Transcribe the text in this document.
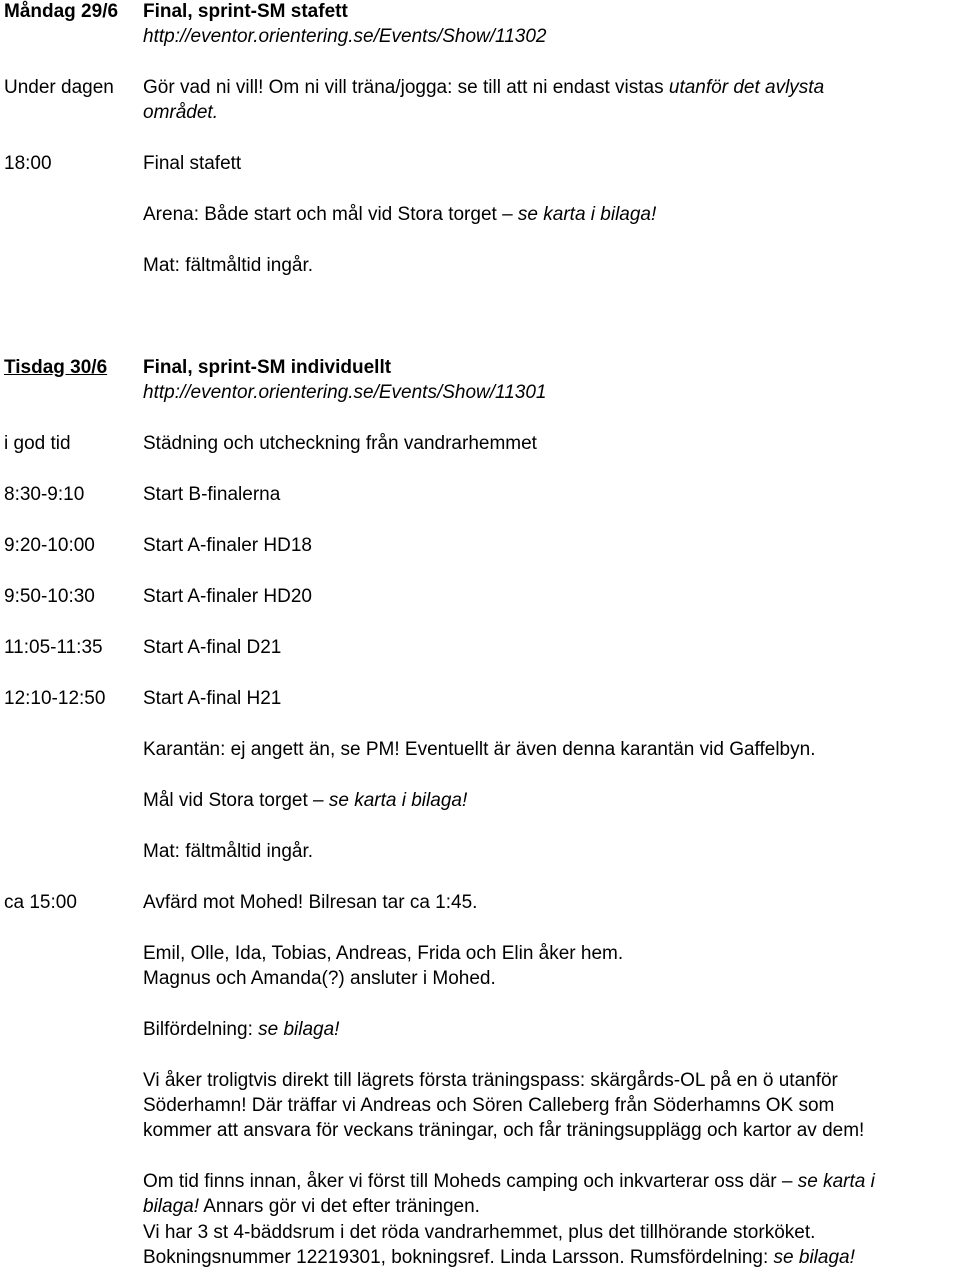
Måndag 29/6 Final, sprint-SM stafett
http://eventor.orientering.se/Events/Show/11302
Under dagen Gör vad ni vill! Om ni vill träna/jogga: se till att ni endast vistas utanför det avlysta
området.
18:00	Final stafett
Arena: Både start och mål vid Stora torget – se karta i bilaga!
Mat: fältmåltid ingår.
Tisdag 30/6 Final, sprint-SM individuellt
http://eventor.orientering.se/Events/Show/11301
i god tid	Städning och utcheckning från vandrarhemmet
8:30-9:10	Start B-finalerna
9:20-10:00	Start A-finaler HD18
9:50-10:30	Start A-finaler HD20
11:05-11:35 Start A-final D21
12:10-12:50 Start A-final H21
Karantän: ej angett än, se PM! Eventuellt är även denna karantän vid Gaffelbyn.
Mål vid Stora torget – se karta i bilaga!
Mat: fältmåltid ingår.
ca 15:00	Avfärd mot Mohed! Bilresan tar ca 1:45.
Emil, Olle, Ida, Tobias, Andreas, Frida och Elin åker hem.
Magnus och Amanda(?) ansluter i Mohed.
Bilfördelning: se bilaga!
Vi åker troligtvis direkt till lägrets första träningspass: skärgårds-OL på en ö utanför
Söderhamn! Där träffar vi Andreas och Sören Calleberg från Söderhamns OK som
kommer att ansvara för veckans träningar, och får träningsupplägg och kartor av dem!
Om tid finns innan, åker vi först till Moheds camping och inkvarterar oss där – se karta i
bilaga! Annars gör vi det efter träningen.
Vi har 3 st 4-bäddsrum i det röda vandrarhemmet, plus det tillhörande storköket.
Bokningsnummer 12219301, bokningsref. Linda Larsson. Rumsfördelning: se bilaga!
